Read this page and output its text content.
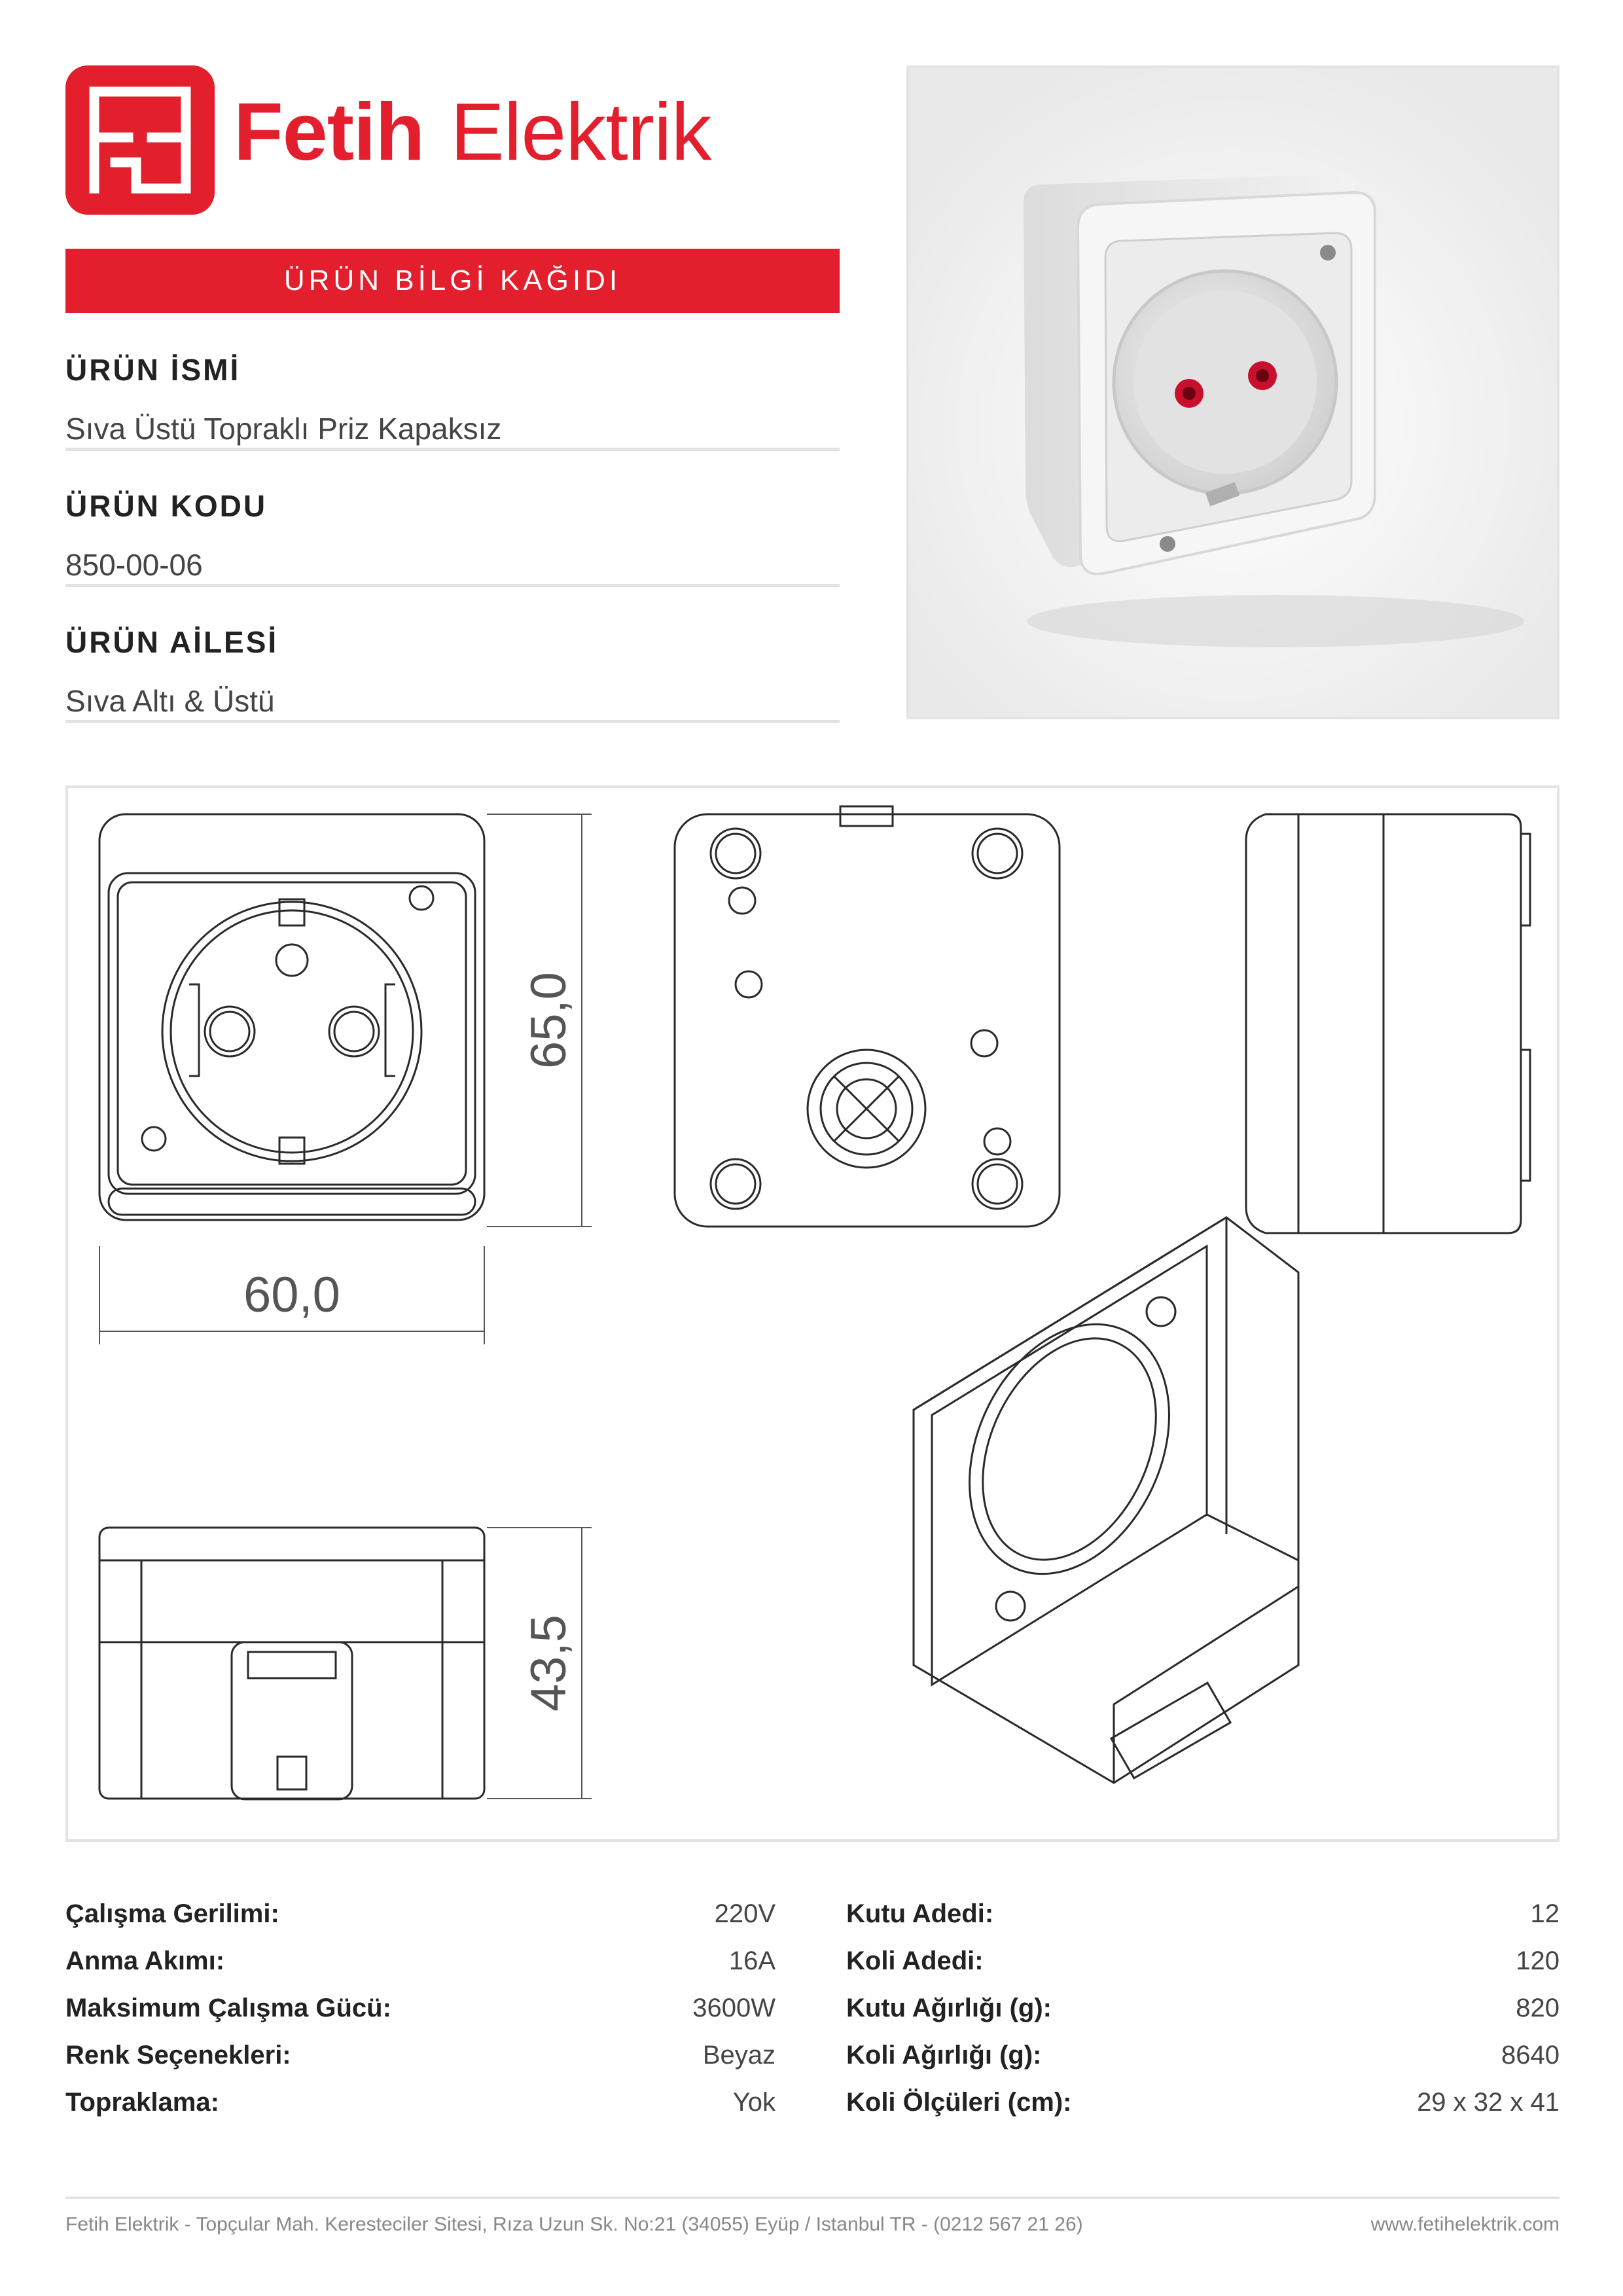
Fetih Elektrik
ÜRÜN BİLGİ KAĞIDI
ÜRÜN İSMİ
Sıva Üstü Topraklı Priz Kapaksız
ÜRÜN KODU
850-00-06
ÜRÜN AİLESİ
Sıva Altı & Üstü
60,0
65,0
43,5
Çalışma Gerilimi:	220V
Anma Akımı:	16A
Maksimum Çalışma Gücü:	3600W
Renk Seçenekleri:	Beyaz
Topraklama:	Yok
Kutu Adedi:	12
Koli Adedi:	120
Kutu Ağırlığı (g):	820
Koli Ağırlığı (g):	8640
Koli Ölçüleri (cm):	29 x 32 x 41
Fetih Elektrik - Topçular Mah. Keresteciler Sitesi, Rıza Uzun Sk. No:21 (34055) Eyüp / Istanbul TR - (0212 567 21 26)	www.fetihelektrik.com
